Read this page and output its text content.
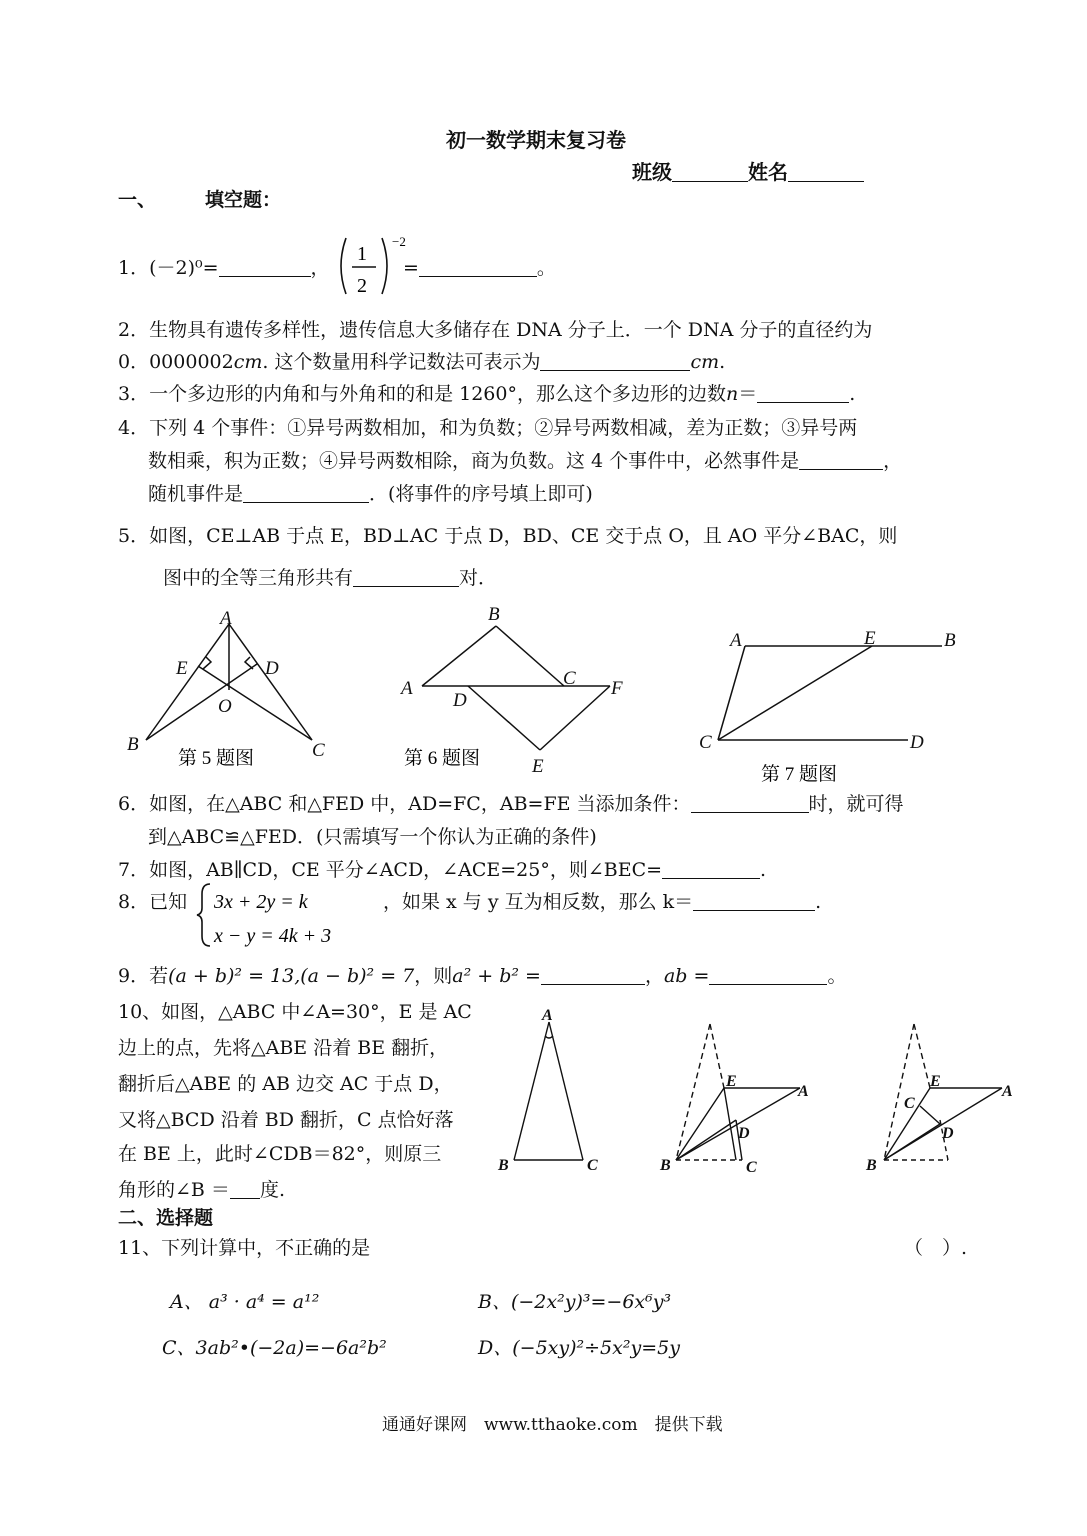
初一数学期末复习卷
班级	姓名
一、	填空题：
1．(－2)⁰=	，
1
2
−2
=	。
2．生物具有遗传多样性，遗传信息大多储存在 DNA 分子上．一个 DNA 分子的直径约为
0．0000002cm. 这个数量用科学记数法可表示为	cm.
3．一个多边形的内角和与外角和的和是 1260°，那么这个多边形的边数n＝	.
4．下列 4 个事件：①异号两数相加，和为负数；②异号两数相减，差为正数；③异号两
数相乘，积为正数；④异号两数相除，商为负数。这 4 个事件中，必然事件是	，
随机事件是	．(将事件的序号填上即可)
5．如图，CE⊥AB 于点 E，BD⊥AC 于点 D，BD、CE 交于点 O，且 AO 平分∠BAC，则
图中的全等三角形共有	对．
A
E	D
O
B	C
第 5 题图
B
A
D
C F
E
第 6 题图
A	E	B
C	D
第 7 题图
6．如图，在△ABC 和△FED 中，AD=FC，AB=FE 当添加条件：	时，就可得
到△ABC≌△FED．(只需填写一个你认为正确的条件)
7．如图，AB∥CD，CE 平分∠ACD，∠ACE=25°，则∠BEC=	.
8．已知 3x + 2y = k
x − y = 4k + 3
，如果 x 与 y 互为相反数，那么 k＝	.
9．若(a + b)² = 13,(a − b)² = 7，则a² + b² =	，ab =	。
10、如图，△ABC 中∠A=30°，E 是 AC
边上的点，先将△ABE 沿着 BE 翻折，
翻折后△ABE 的 AB 边交 AC 于点 D，
又将△BCD 沿着 BD 翻折，C 点恰好落
在 BE 上，此时∠CDB＝82°，则原三
角形的∠B ＝ 度.
A
B	C
E
A
D
B	C
E
A
C
D
B
二、选择题
11、下列计算中，不正确的是	（　）.
A、 a³ · a⁴ = a¹²	B、(−2x²y)³=−6x⁶y³
C、3ab²•(−2a)=−6a²b²	D、(−5xy)²÷5x²y=5y
通通好课网　www.tthaoke.com　提供下载
